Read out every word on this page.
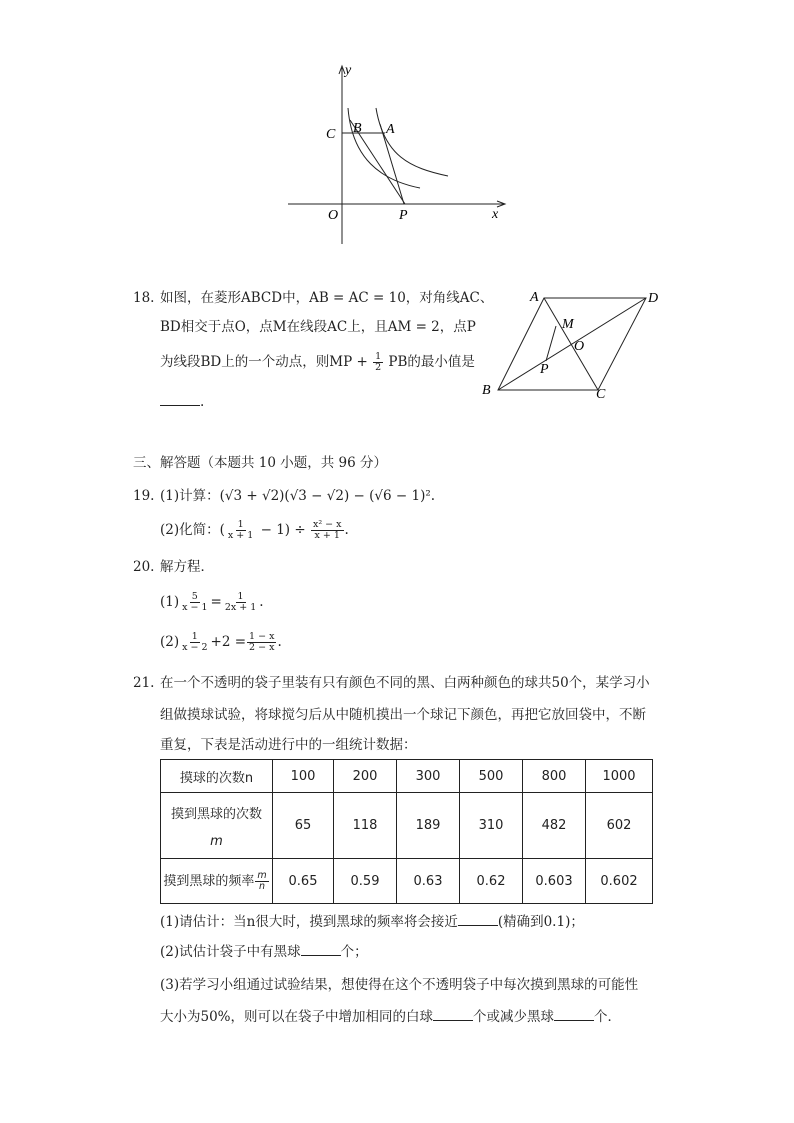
y
x
C B A
O	P
18. 如图，在菱形ABCD中，AB = AC = 10，对角线AC、
BD相交于点O，点M在线段AC上，且AM = 2，点P
为线段BD上的一个动点，则MP + $\frac{1}{2}$ PB的最小值是
.
A	D
M
O
P
B	C
三、解答题（本题共 10 小题，共 96 分）
19. (1)计算：(√3 + √2)(√3 − √2) − (√6 − 1)².
(2)化简：( $\frac{1}{x + 1} - 1) \div \frac{\text{x² − x}}{x + 1}$ .
20. 解方程．
$(1) \frac{5}{x - 1} = \frac{1}{2x + 1}$ .
$(2) \frac{1}{x - 2} +2 = \frac{1 - x}{2 - x}$ .
21. 在一个不透明的袋子里装有只有颜色不同的黑、白两种颜色的球共50个，某学习小
组做摸球试验，将球搅匀后从中随机摸出一个球记下颜色，再把它放回袋中，不断
重复，下表是活动进行中的一组统计数据：
摸球的次数n	100	200	300	500	800	1000

摸到黑球的次数
m	65	118	189	310	482	602
摸到黑球的频率 $\frac{m}{n}$	0.65	0.59	0.63	0.62	0.603	0.602
(1)请估计：当n很大时，摸到黑球的频率将会接近	(精确到0.1)；
(2)试估计袋子中有黑球	个；
(3)若学习小组通过试验结果，想使得在这个不透明袋子中每次摸到黑球的可能性
大小为50%，则可以在袋子中增加相同的白球	个或减少黑球	个．
